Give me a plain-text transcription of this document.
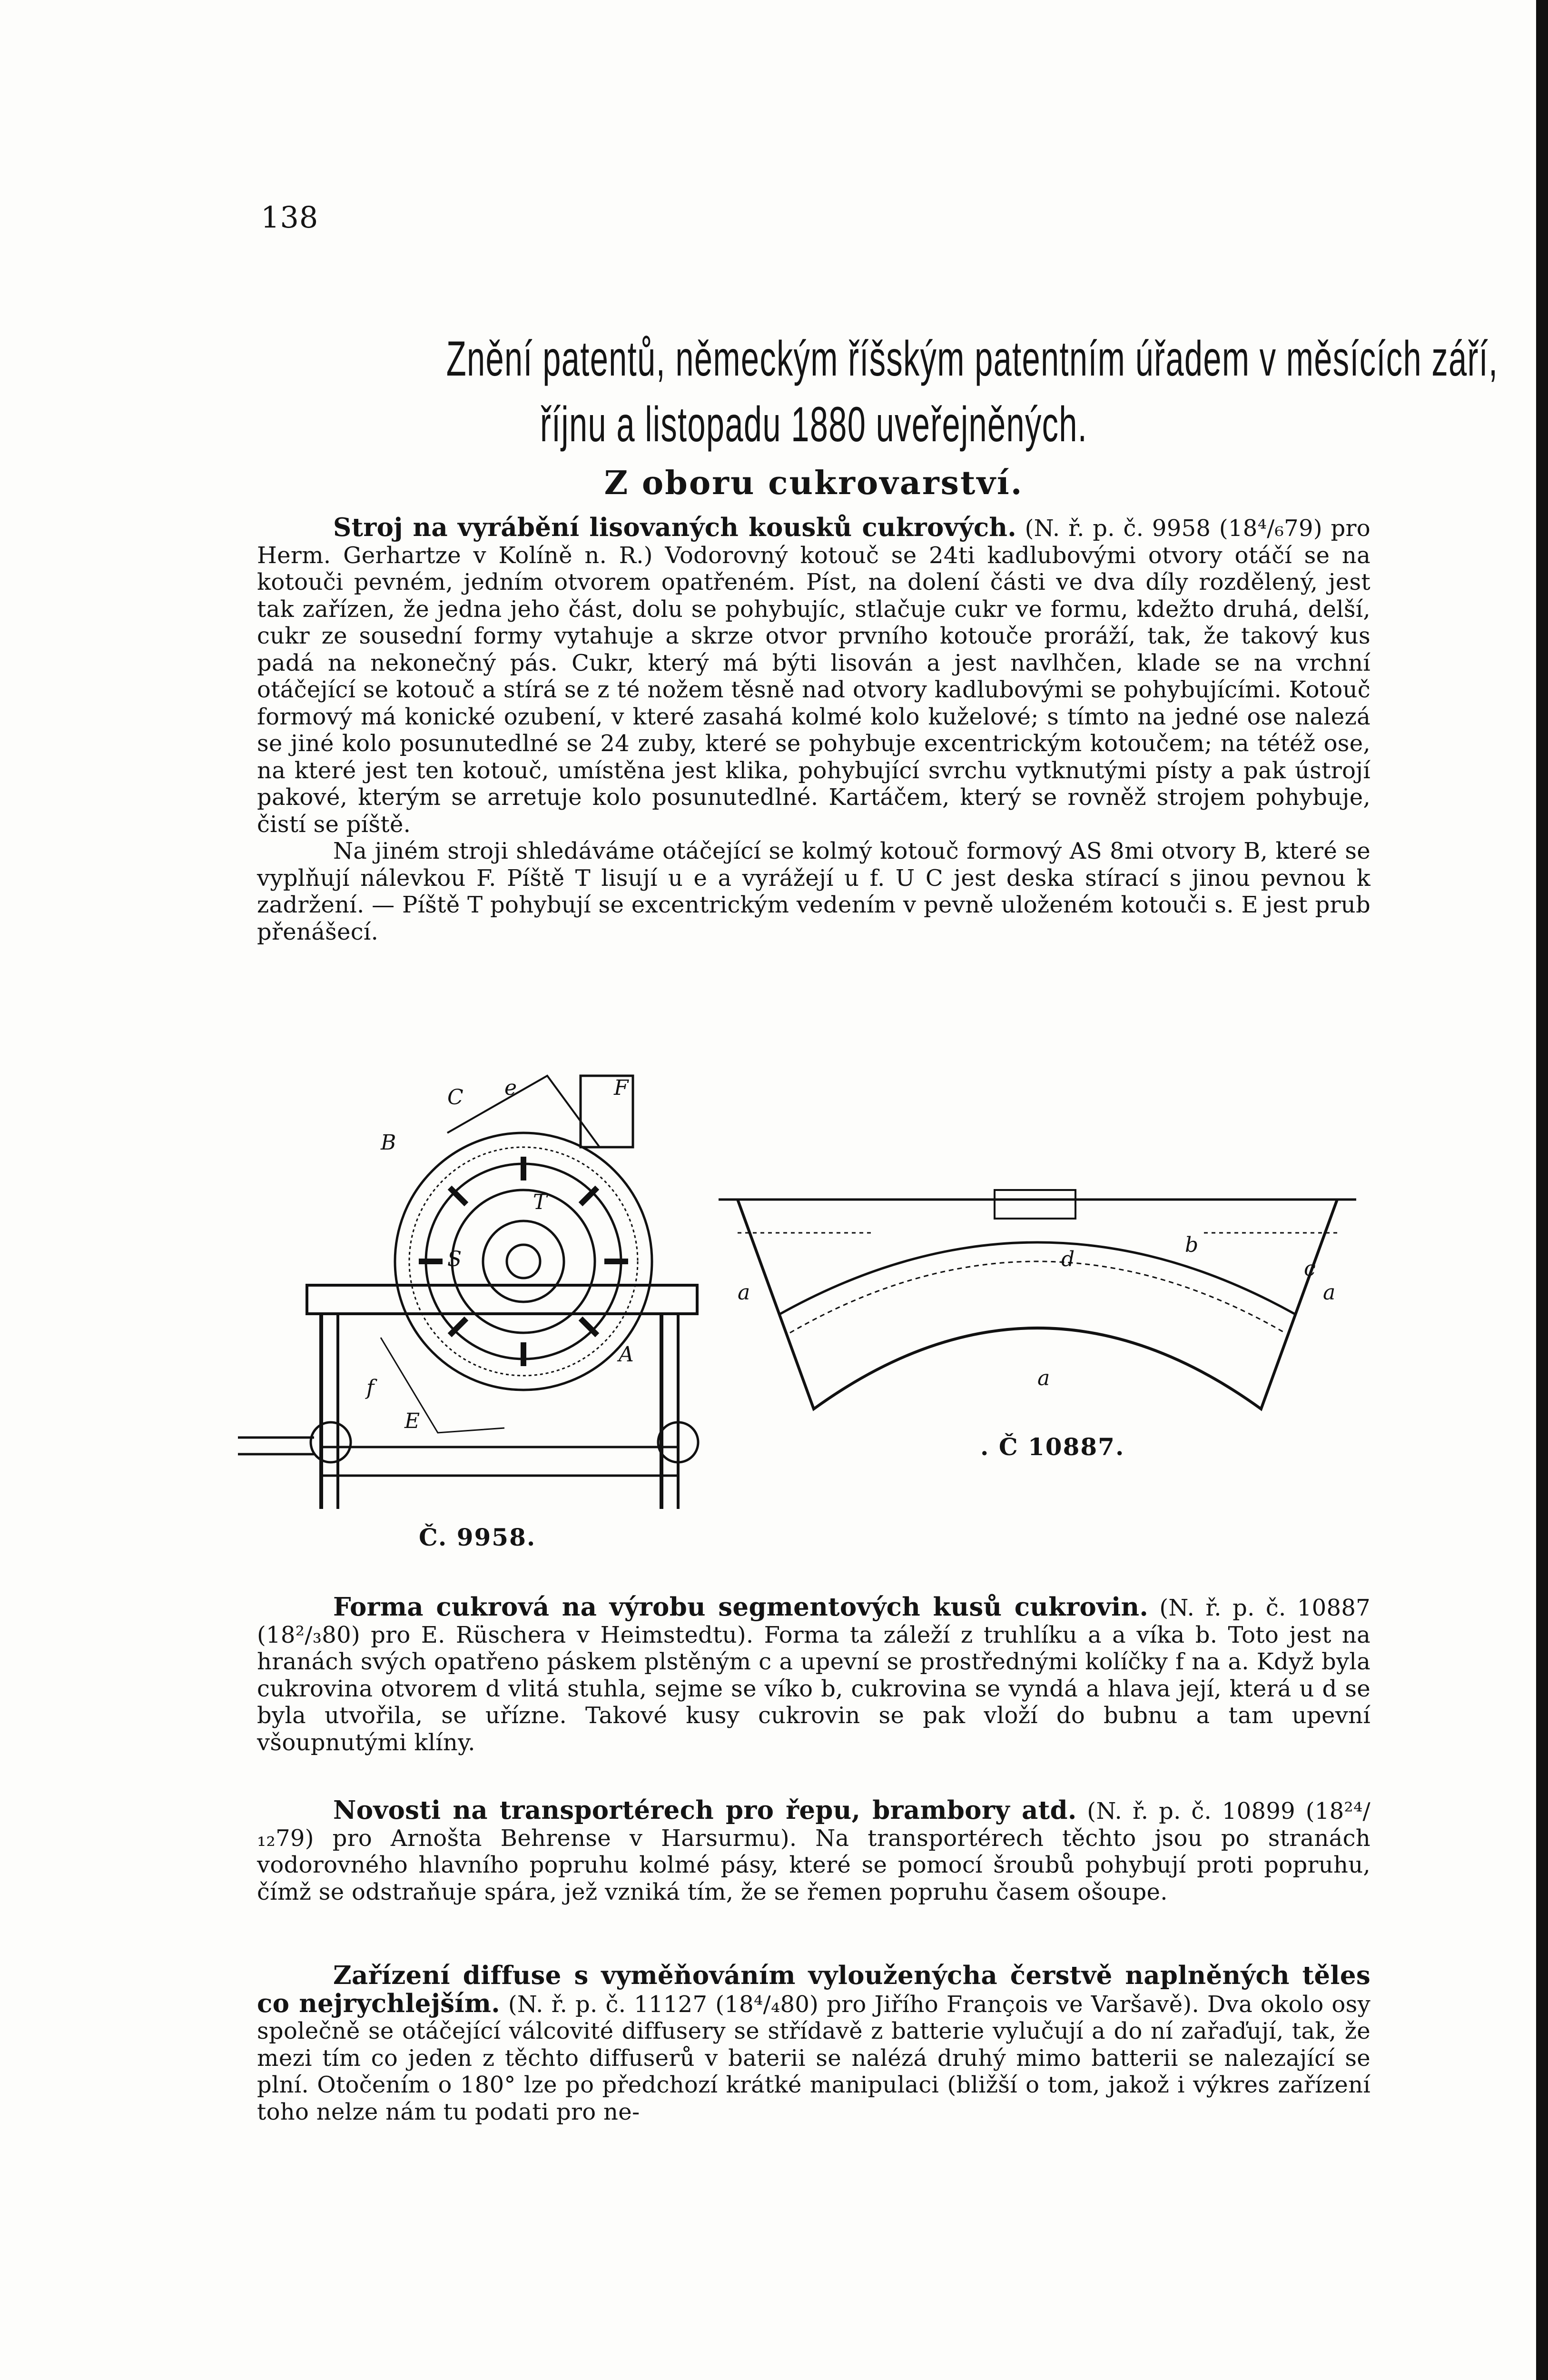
138
Znění patentů, německým říšským patentním úřadem v měsících září,
říjnu a listopadu 1880 uveřejněných.
Z oboru cukrovarství.

Stroj na vyrábění lisovaných kousků cukrových. (N. ř. p. č. 9958 (18⁴/₆79) pro Herm. Gerhartze v Kolíně n. R.) Vodorovný kotouč se 24ti kadlubovými otvory otáčí se na kotouči pevném, jedním otvorem opatřeném. Píst, na dolení části ve dva díly rozdělený, jest tak zařízen, že jedna jeho část, dolu se pohybujíc, stlačuje cukr ve formu, kdežto druhá, delší, cukr ze sousední formy vytahuje a skrze otvor prvního kotouče proráží, tak, že takový kus padá na nekonečný pás. Cukr, který má býti lisován a jest navlhčen, klade se na vrchní otáčející se kotouč a stírá se z té nožem těsně nad otvory kadlubovými se pohybujícími. Kotouč formový má konické ozubení, v které zasahá kolmé kolo kuželové; s tímto na jedné ose nalezá se jiné kolo posunutedlné se 24 zuby, které se pohybuje excentrickým kotoučem; na tétéž ose, na které jest ten kotouč, umístěna jest klika, pohybující svrchu vytknutými písty a pak ústrojí pakové, kterým se arretuje kolo posunutedlné. Kartáčem, který se rovněž strojem pohybuje, čistí se píště.

Na jiném stroji shledáváme otáčející se kolmý kotouč formový AS 8mi otvory B, které se vyplňují nálevkou F. Píště T lisují u e a vyrážejí u f. U C jest deska stírací s jinou pevnou k zadržení. — Píště T pohybují se excentrickým vedením v pevně uloženém kotouči s. E jest prub přenášecí.

C e	F
B
S
T
E
f
A
Č. 9958.
d
b
c
a	a
a
. Č 10887.

Forma cukrová na výrobu segmentových kusů cukrovin. (N. ř. p. č. 10887 (18²/₃80) pro E. Rüschera v Heimstedtu). Forma ta záleží z truhlíku a a víka b. Toto jest na hranách svých opatřeno páskem plstěným c a upevní se prostřednými kolíčky f na a. Když byla cukrovina otvorem d vlitá stuhla, sejme se víko b, cukrovina se vyndá a hlava její, která u d se byla utvořila, se uřízne. Takové kusy cukrovin se pak vloží do bubnu a tam upevní všoupnutými klíny.

Novosti na transportérech pro řepu, brambory atd. (N. ř. p. č. 10899 (18²⁴/₁₂79) pro Arnošta Behrense v Harsurmu). Na transportérech těchto jsou po stranách vodorovného hlavního popruhu kolmé pásy, které se pomocí šroubů pohybují proti popruhu, čímž se odstraňuje spára, jež vzniká tím, že se řemen popruhu časem ošoupe.

Zařízení diffuse s vyměňováním vylouženýcha čerstvě naplněných těles co nejrychlejším. (N. ř. p. č. 11127 (18⁴/₄80) pro Jiřího François ve Varšavě). Dva okolo osy společně se otáčející válcovité diffusery se střídavě z batterie vylučují a do ní zařaďují, tak, že mezi tím co jeden z těchto diffuserů v baterii se nalézá druhý mimo batterii se nalezající se plní. Otočením o 180° lze po předchozí krátké manipulaci (bližší o tom, jakož i výkres zařízení toho nelze nám tu podati pro ne-
